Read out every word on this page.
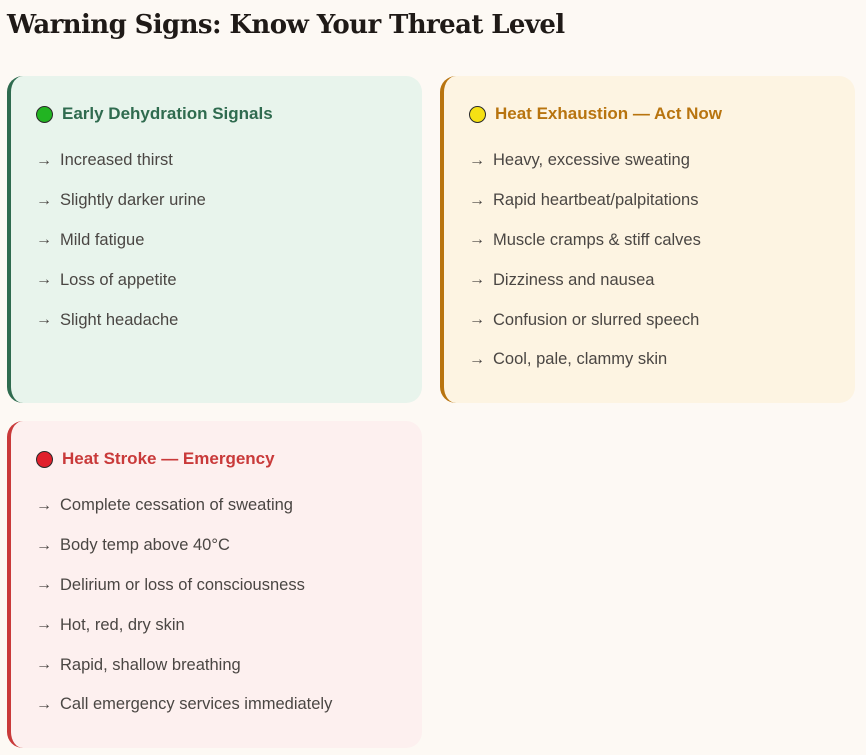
Warning Signs: Know Your Threat Level
Early Dehydration Signals
→ Increased thirst
→ Slightly darker urine
→ Mild fatigue
→ Loss of appetite
→ Slight headache
Heat Exhaustion — Act Now
→ Heavy, excessive sweating
→ Rapid heartbeat/palpitations
→ Muscle cramps & stiff calves
→ Dizziness and nausea
→ Confusion or slurred speech
→ Cool, pale, clammy skin
Heat Stroke — Emergency
→ Complete cessation of sweating
→ Body temp above 40°C
→ Delirium or loss of consciousness
→ Hot, red, dry skin
→ Rapid, shallow breathing
→ Call emergency services immediately
